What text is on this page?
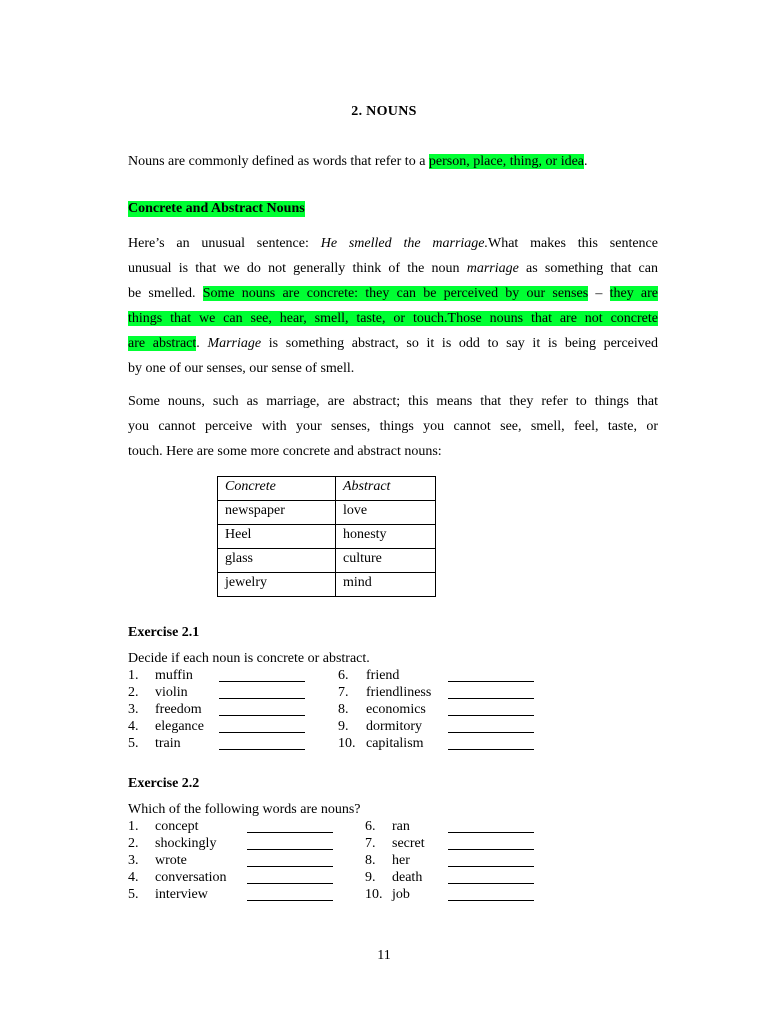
2. NOUNS
Nouns are commonly defined as words that refer to a person, place, thing, or idea.
Concrete and Abstract Nouns
Here’s an unusual sentence: He smelled the marriage.What makes this sentence
unusual is that we do not generally think of the noun marriage as something that can
be smelled. Some nouns are concrete: they can be perceived by our senses – they are
things that we can see, hear, smell, taste, or touch.Those nouns that are not concrete
are abstract. Marriage is something abstract, so it is odd to say it is being perceived
by one of our senses, our sense of smell.
Some nouns, such as marriage, are abstract; this means that they refer to things that
you cannot perceive with your senses, things you cannot see, smell, feel, taste, or
touch. Here are some more concrete and abstract nouns:
Concrete	Abstract
newspaper	love
Heel	honesty
glass	culture
jewelry	mind
Exercise 2.1
Decide if each noun is concrete or abstract.
1. muffin	6. friend
2. violin	7. friendliness
3. freedom	8. economics
4. elegance	9. dormitory
5. train	10. capitalism
Exercise 2.2
Which of the following words are nouns?
1. concept	6. ran
2. shockingly	7. secret
3. wrote	8. her
4. conversation	9. death
5. interview	10. job
11
